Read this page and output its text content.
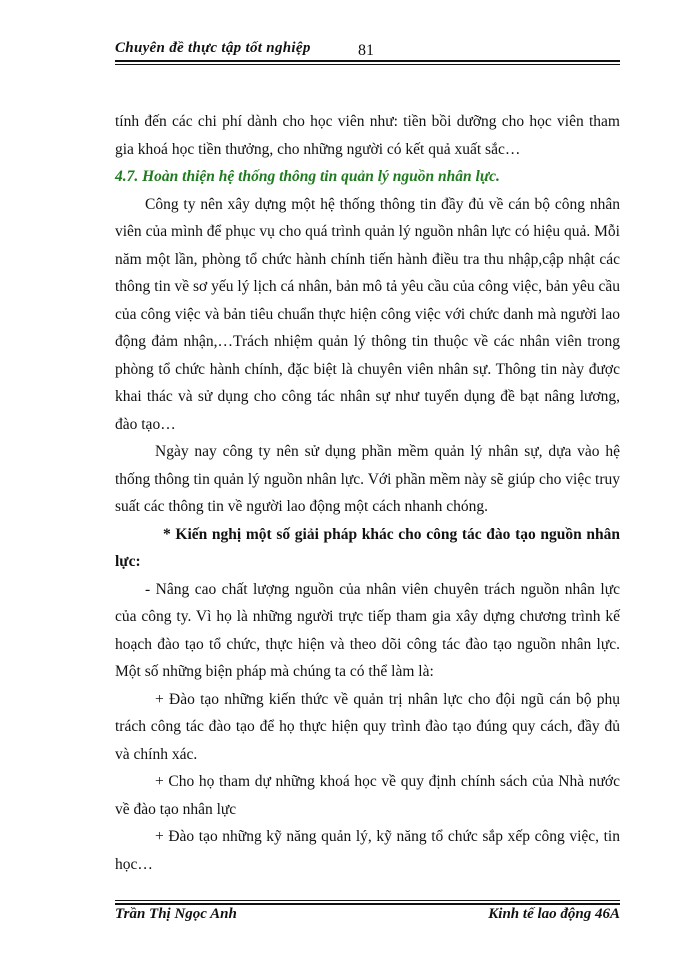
Chuyên đề thực tập tốt nghiệp	81

tính đến các chi phí dành cho học viên như: tiền bồi dưỡng cho học viên tham gia khoá học tiền thưởng, cho những người có kết quả xuất sắc…

4.7. Hoàn thiện hệ thống thông tin quản lý nguồn nhân lực.

Công ty nên xây dựng một hệ thống thông tin đầy đủ về cán bộ công nhân viên của mình để phục vụ cho quá trình quản lý nguồn nhân lực có hiệu quả. Mỗi năm một lần, phòng tổ chức hành chính tiến hành điều tra thu nhập,cập nhật các thông tin về sơ yếu lý lịch cá nhân, bản mô tả yêu cầu của công việc, bản yêu cầu của công việc và bản tiêu chuẩn thực hiện công việc với chức danh mà người lao động đảm nhận,…Trách nhiệm quản lý thông tin thuộc về các nhân viên trong phòng tổ chức hành chính, đặc biệt là chuyên viên nhân sự. Thông tin này được khai thác và sử dụng cho công tác nhân sự như tuyển dụng đề bạt nâng lương, đào tạo…

Ngày nay công ty nên sử dụng phần mềm quản lý nhân sự, dựa vào hệ thống thông tin quản lý nguồn nhân lực. Với phần mềm này sẽ giúp cho việc truy suất các thông tin về người lao động một cách nhanh chóng.

* Kiến nghị một số giải pháp khác cho công tác đào tạo nguồn nhân lực:

- Nâng cao chất lượng nguồn của nhân viên chuyên trách nguồn nhân lực của công ty. Vì họ là những người trực tiếp tham gia xây dựng chương trình kế hoạch đào tạo tổ chức, thực hiện và theo dõi công tác đào tạo nguồn nhân lực. Một số những biện pháp mà chúng ta có thể làm là:

+ Đào tạo những kiến thức về quản trị nhân lực cho đội ngũ cán bộ phụ trách công tác đào tạo để họ thực hiện quy trình đào tạo đúng quy cách, đầy đủ và chính xác.

+ Cho họ tham dự những khoá học về quy định chính sách của Nhà nước về đào tạo nhân lực

+ Đào tạo những kỹ năng quản lý, kỹ năng tổ chức sắp xếp công việc, tin học…

Trần Thị Ngọc Anh	Kinh tế lao động 46A
